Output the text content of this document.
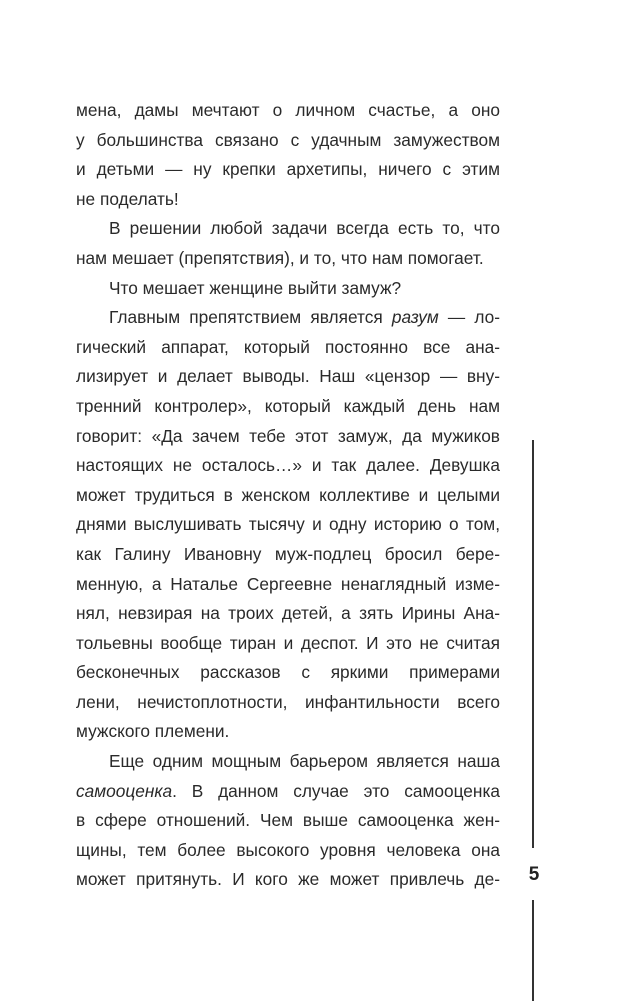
мена, дамы мечтают о личном счастье, а оно
у большинства связано с удачным замужеством
и детьми — ну крепки архетипы, ничего с этим
не поделать!
В решении любой задачи всегда есть то, что
нам мешает (препятствия), и то, что нам помогает.
Что мешает женщине выйти замуж?
Главным препятствием является разум — ло-
гический аппарат, который постоянно все ана-
лизирует и делает выводы. Наш «цензор — вну-
тренний контролер», который каждый день нам
говорит: «Да зачем тебе этот замуж, да мужиков
настоящих не осталось…» и так далее. Девушка
может трудиться в женском коллективе и целыми
днями выслушивать тысячу и одну историю о том,
как Галину Ивановну муж-подлец бросил бере-
менную, а Наталье Сергеевне ненаглядный изме-
нял, невзирая на троих детей, а зять Ирины Ана-
тольевны вообще тиран и деспот. И это не считая
бесконечных рассказов с яркими примерами
лени, нечистоплотности, инфантильности всего
мужского племени.
Еще одним мощным барьером является наша
самооценка. В данном случае это самооценка
в сфере отношений. Чем выше самооценка жен-
щины, тем более высокого уровня человека она
может притянуть. И кого же может привлечь де- 5
